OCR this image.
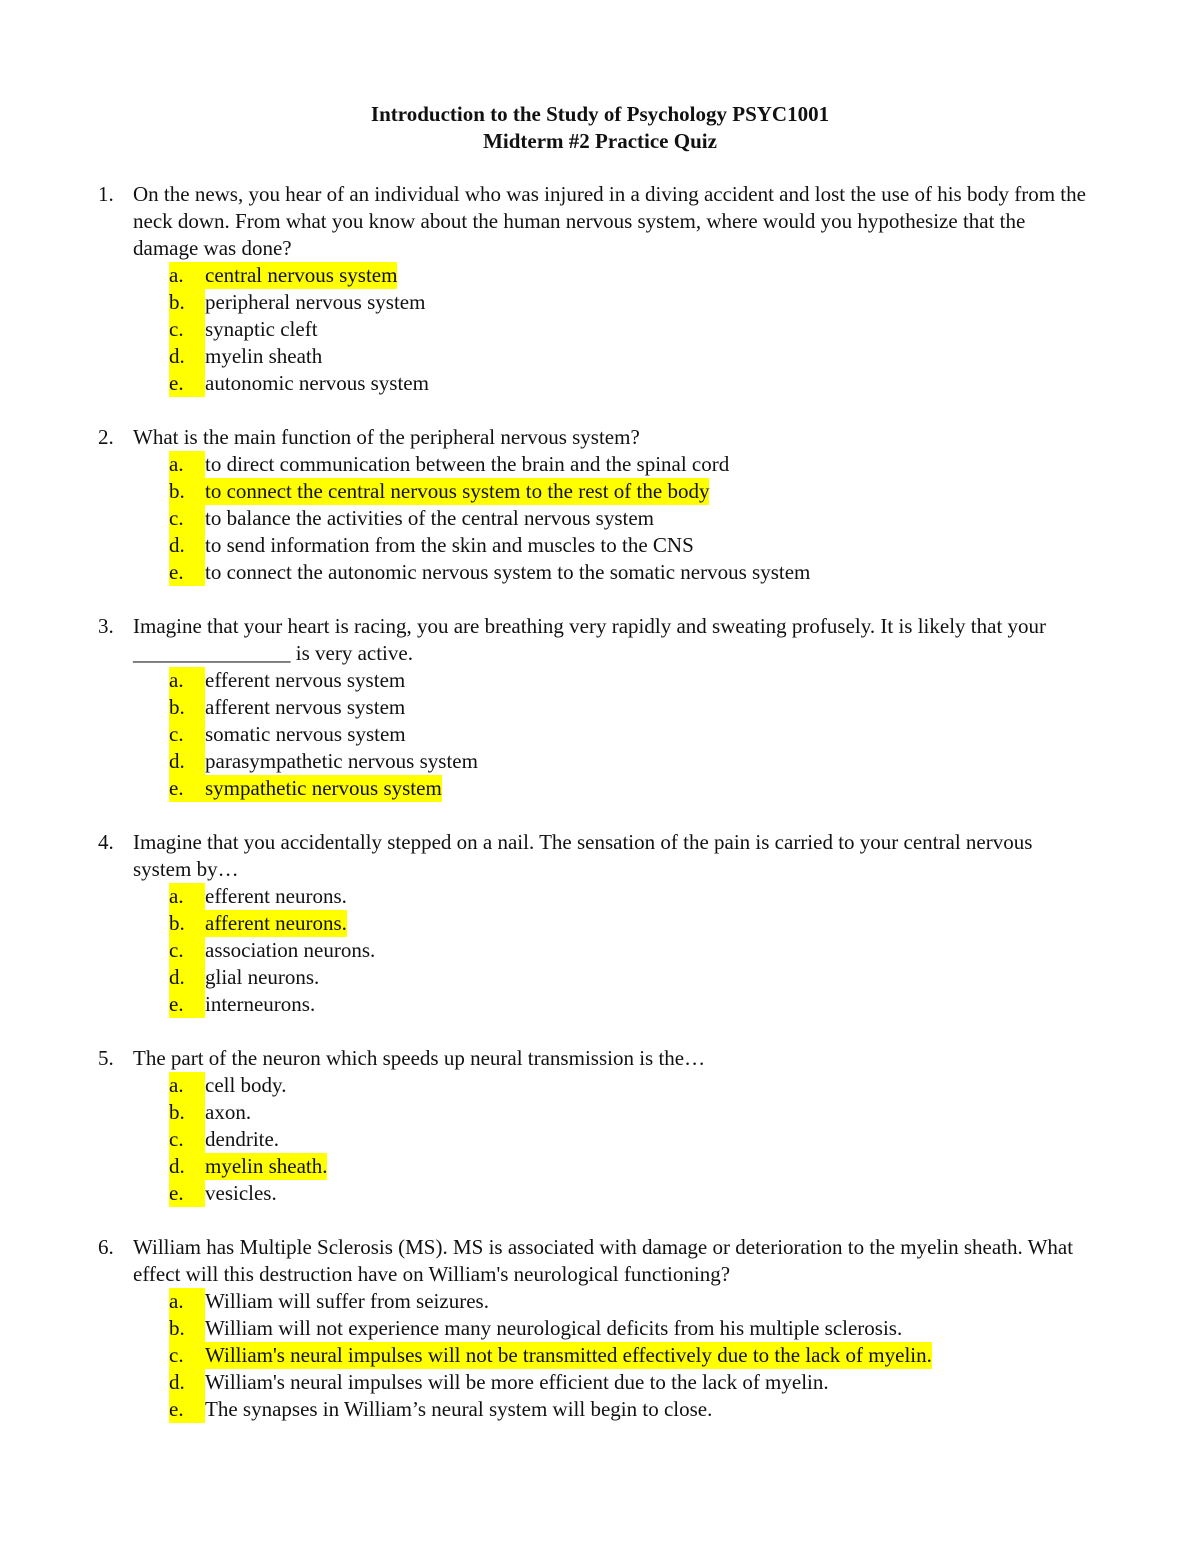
Introduction to the Study of Psychology PSYC1001
Midterm #2 Practice Quiz
1. On the news, you hear of an individual who was injured in a diving accident and lost the use of his body from the neck down. From what you know about the human nervous system, where would you hypothesize that the damage was done?

a.	central nervous system
b. peripheral nervous system
c.	synaptic cleft
d. myelin sheath
e.	autonomic nervous system
2. What is the main function of the peripheral nervous system?

a.	to direct communication between the brain and the spinal cord
b. to connect the central nervous system to the rest of the body
c.	to balance the activities of the central nervous system
d. to send information from the skin and muscles to the CNS
e.	to connect the autonomic nervous system to the somatic nervous system
3. Imagine that your heart is racing, you are breathing very rapidly and sweating profusely. It is likely that your _______________ is very active.

a.	efferent nervous system
b. afferent nervous system
c.	somatic nervous system
d. parasympathetic nervous system
e.	sympathetic nervous system
4. Imagine that you accidentally stepped on a nail. The sensation of the pain is carried to your central nervous system by…

a.	efferent neurons.
b. afferent neurons.
c.	association neurons.
d. glial neurons.
e.	interneurons.
5. The part of the neuron which speeds up neural transmission is the…

a.	cell body.
b. axon.
c.	dendrite.
d. myelin sheath.
e.	vesicles.
6. William has Multiple Sclerosis (MS). MS is associated with damage or deterioration to the myelin sheath. What effect will this destruction have on William's neurological functioning?

a.	William will suffer from seizures.
b. William will not experience many neurological deficits from his multiple sclerosis.
c.	William's neural impulses will not be transmitted effectively due to the lack of myelin.
d. William's neural impulses will be more efficient due to the lack of myelin.
e.	The synapses in William’s neural system will begin to close.
